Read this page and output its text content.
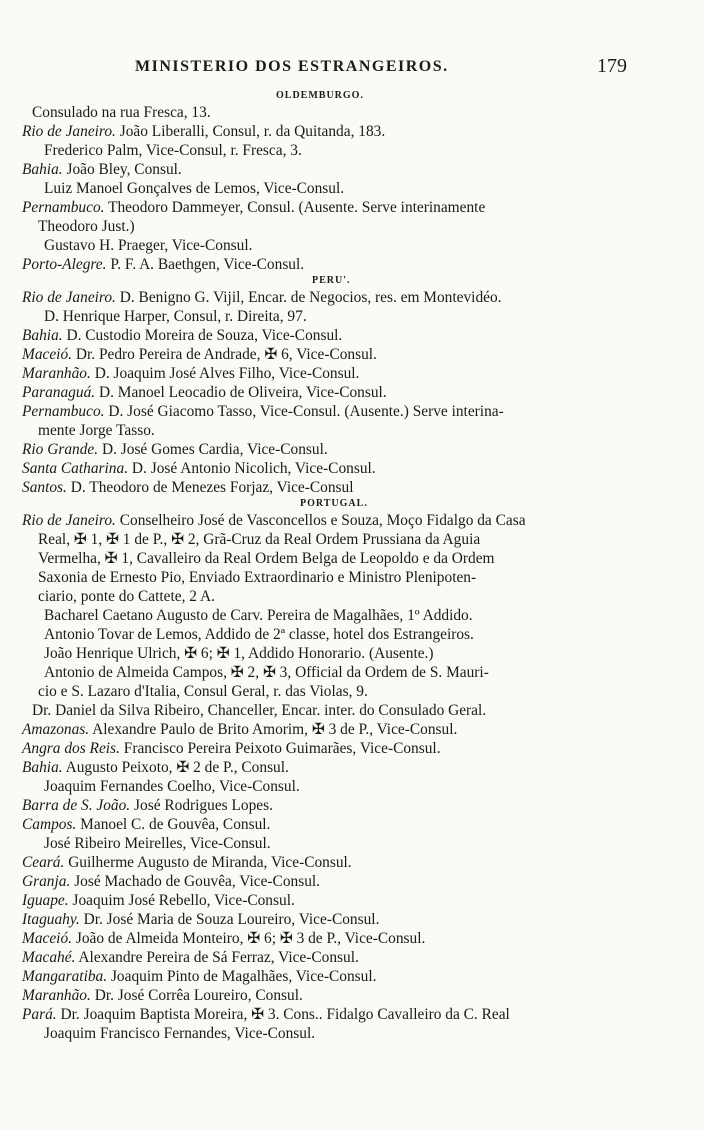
MINISTERIO DOS ESTRANGEIROS.	179
OLDEMBURGO.
Consulado na rua Fresca, 13.
Rio de Janeiro. João Liberalli, Consul, r. da Quitanda, 183.
Frederico Palm, Vice-Consul, r. Fresca, 3.
Bahia. João Bley, Consul.
Luiz Manoel Gonçalves de Lemos, Vice-Consul.
Pernambuco. Theodoro Dammeyer, Consul. (Ausente. Serve interinamente
Theodoro Just.)
Gustavo H. Praeger, Vice-Consul.
Porto-Alegre. P. F. A. Baethgen, Vice-Consul.
PERU'.
Rio de Janeiro. D. Benigno G. Vijil, Encar. de Negocios, res. em Montevidéo.
D. Henrique Harper, Consul, r. Direita, 97.
Bahia. D. Custodio Moreira de Souza, Vice-Consul.
Maceió. Dr. Pedro Pereira de Andrade, ✠ 6, Vice-Consul.
Maranhão. D. Joaquim José Alves Filho, Vice-Consul.
Paranaguá. D. Manoel Leocadio de Oliveira, Vice-Consul.
Pernambuco. D. José Giacomo Tasso, Vice-Consul. (Ausente.) Serve interina-
mente Jorge Tasso.
Rio Grande. D. José Gomes Cardia, Vice-Consul.
Santa Catharina. D. José Antonio Nicolich, Vice-Consul.
Santos. D. Theodoro de Menezes Forjaz, Vice-Consul
PORTUGAL.
Rio de Janeiro. Conselheiro José de Vasconcellos e Souza, Moço Fidalgo da Casa
Real, ✠ 1, ✠ 1 de P., ✠ 2, Grã-Cruz da Real Ordem Prussiana da Aguia
Vermelha, ✠ 1, Cavalleiro da Real Ordem Belga de Leopoldo e da Ordem
Saxonia de Ernesto Pio, Enviado Extraordinario e Ministro Plenipoten-
ciario, ponte do Cattete, 2 A.
Bacharel Caetano Augusto de Carv. Pereira de Magalhães, 1º Addido.
Antonio Tovar de Lemos, Addido de 2ª classe, hotel dos Estrangeiros.
João Henrique Ulrich, ✠ 6; ✠ 1, Addido Honorario. (Ausente.)
Antonio de Almeida Campos, ✠ 2, ✠ 3, Official da Ordem de S. Mauri-
cio e S. Lazaro d'Italia, Consul Geral, r. das Violas, 9.
Dr. Daniel da Silva Ribeiro, Chanceller, Encar. inter. do Consulado Geral.
Amazonas. Alexandre Paulo de Brito Amorim, ✠ 3 de P., Vice-Consul.
Angra dos Reis. Francisco Pereira Peixoto Guimarães, Vice-Consul.
Bahia. Augusto Peixoto, ✠ 2 de P., Consul.
Joaquim Fernandes Coelho, Vice-Consul.
Barra de S. João. José Rodrigues Lopes.
Campos. Manoel C. de Gouvêa, Consul.
José Ribeiro Meirelles, Vice-Consul.
Ceará. Guilherme Augusto de Miranda, Vice-Consul.
Granja. José Machado de Gouvêa, Vice-Consul.
Iguape. Joaquim José Rebello, Vice-Consul.
Itaguahy. Dr. José Maria de Souza Loureiro, Vice-Consul.
Maceió. João de Almeida Monteiro, ✠ 6; ✠ 3 de P., Vice-Consul.
Macahé. Alexandre Pereira de Sá Ferraz, Vice-Consul.
Mangaratiba. Joaquim Pinto de Magalhães, Vice-Consul.
Maranhão. Dr. José Corrêa Loureiro, Consul.
Pará. Dr. Joaquim Baptista Moreira, ✠ 3. Cons.. Fidalgo Cavalleiro da C. Real
Joaquim Francisco Fernandes, Vice-Consul.
